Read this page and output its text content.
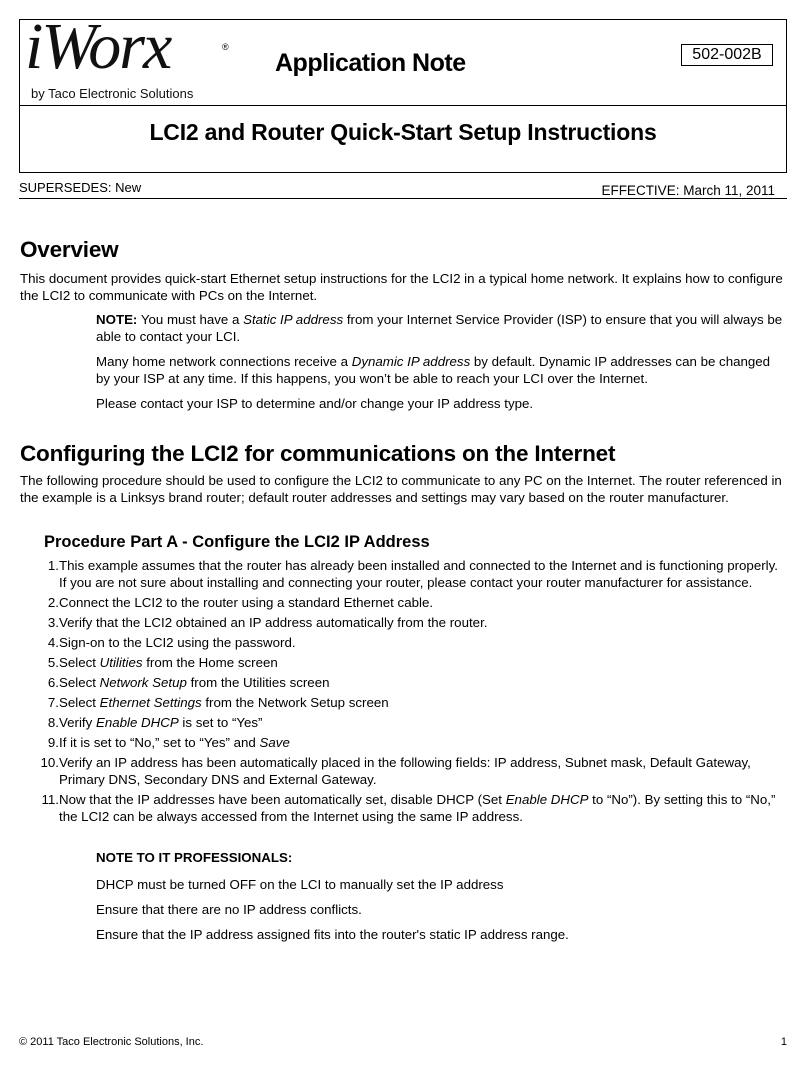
iWorx	®
by Taco Electronic Solutions
Application Note	502-002B
LCI2 and Router Quick-Start Setup Instructions
SUPERSEDES: New	EFFECTIVE: March 11, 2011
Overview

This document provides quick-start Ethernet setup instructions for the LCI2 in a typical home network. It explains how to configure the LCI2 to communicate with PCs on the Internet.

NOTE: You must have a Static IP address from your Internet Service Provider (ISP) to ensure that you will always be able to contact your LCI.

Many home network connections receive a Dynamic IP address by default. Dynamic IP addresses can be changed by your ISP at any time. If this happens, you won’t be able to reach your LCI over the Internet.

Please contact your ISP to determine and/or change your IP address type.

Configuring the LCI2 for communications on the Internet

The following procedure should be used to configure the LCI2 to communicate to any PC on the Internet. The router referenced in the example is a Linksys brand router; default router addresses and settings may vary based on the router manufacturer.

Procedure Part A - Configure the LCI2 IP Address
1.This example assumes that the router has already been installed and connected to the Internet and is functioning properly. If you are not sure about installing and connecting your router, please contact your router manufacturer for assistance.
2.Connect the LCI2 to the router using a standard Ethernet cable.
3.Verify that the LCI2 obtained an IP address automatically from the router.
4.Sign-on to the LCI2 using the password.
5.Select Utilities from the Home screen
6.Select Network Setup from the Utilities screen
7.Select Ethernet Settings from the Network Setup screen
8.Verify Enable DHCP is set to “Yes”
9.If it is set to “No,” set to “Yes” and Save
10.Verify an IP address has been automatically placed in the following fields: IP address, Subnet mask, Default Gateway, Primary DNS, Secondary DNS and External Gateway.
11.Now that the IP addresses have been automatically set, disable DHCP (Set Enable DHCP to “No”). By setting this to “No,” the LCI2 can be always accessed from the Internet using the same IP address.

NOTE TO IT PROFESSIONALS:

DHCP must be turned OFF on the LCI to manually set the IP address

Ensure that there are no IP address conflicts.

Ensure that the IP address assigned fits into the router's static IP address range.

© 2011 Taco Electronic Solutions, Inc.	1
